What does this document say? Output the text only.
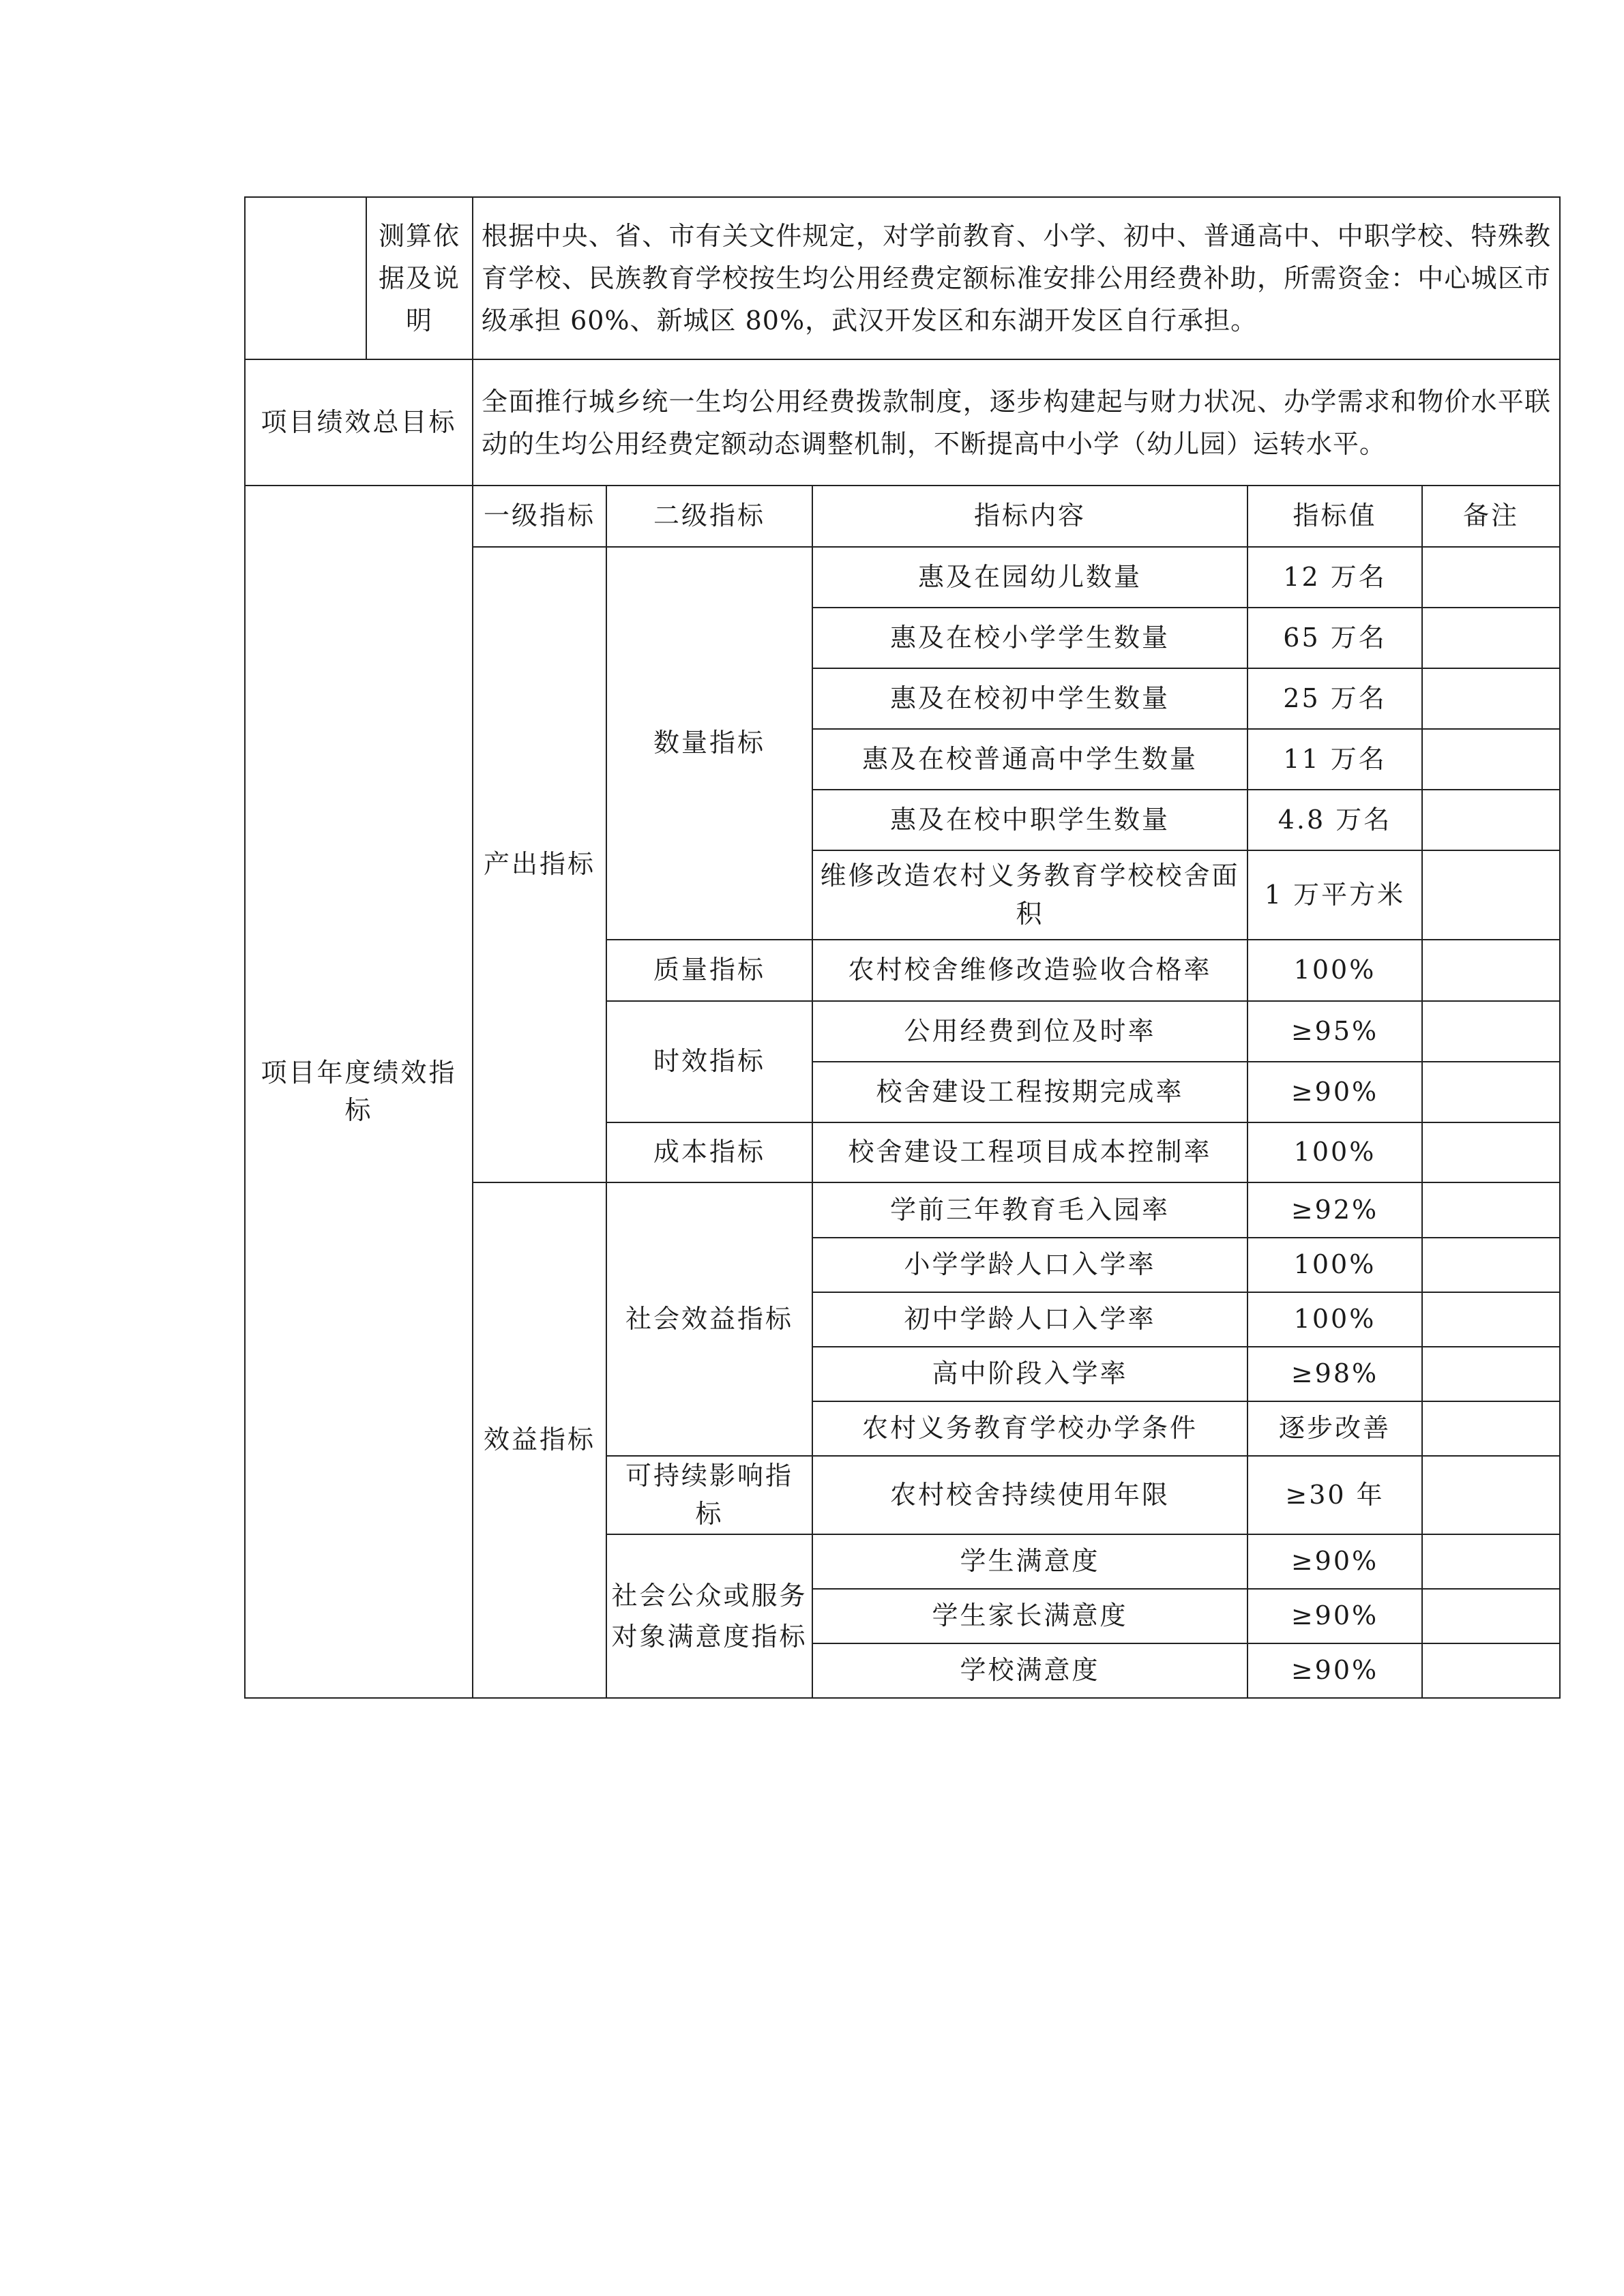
	测算依据及说明	根据中央、省、市有关文件规定，对学前教育、小学、初中、普通高中、中职学校、特殊教育学校、民族教育学校按生均公用经费定额标准安排公用经费补助，所需资金：中心城区市级承担 60%、新城区 80%，武汉开发区和东湖开发区自行承担。				
项目绩效总目标		全面推行城乡统一生均公用经费拨款制度，逐步构建起与财力状况、办学需求和物价水平联动的生均公用经费定额动态调整机制，不断提高中小学（幼儿园）运转水平。				
项目年度绩效指标		一级指标	二级指标	指标内容	指标值	备注
		产出指标	数量指标	惠及在园幼儿数量	12 万名	
				惠及在校小学学生数量	65 万名	
				惠及在校初中学生数量	25 万名	
				惠及在校普通高中学生数量	11 万名	
				惠及在校中职学生数量	4.8 万名	
				维修改造农村义务教育学校校舍面积	1 万平方米	
			质量指标	农村校舍维修改造验收合格率	100%	
			时效指标	公用经费到位及时率	≥95%	
				校舍建设工程按期完成率	≥90%	
			成本指标	校舍建设工程项目成本控制率	100%	
		效益指标	社会效益指标	学前三年教育毛入园率	≥92%	
				小学学龄人口入学率	100%	
				初中学龄人口入学率	100%	
				高中阶段入学率	≥98%	
				农村义务教育学校办学条件	逐步改善	
			可持续影响指标	农村校舍持续使用年限	≥30 年	
			社会公众或服务对象满意度指标	学生满意度	≥90%	
				学生家长满意度	≥90%	
				学校满意度	≥90%	
